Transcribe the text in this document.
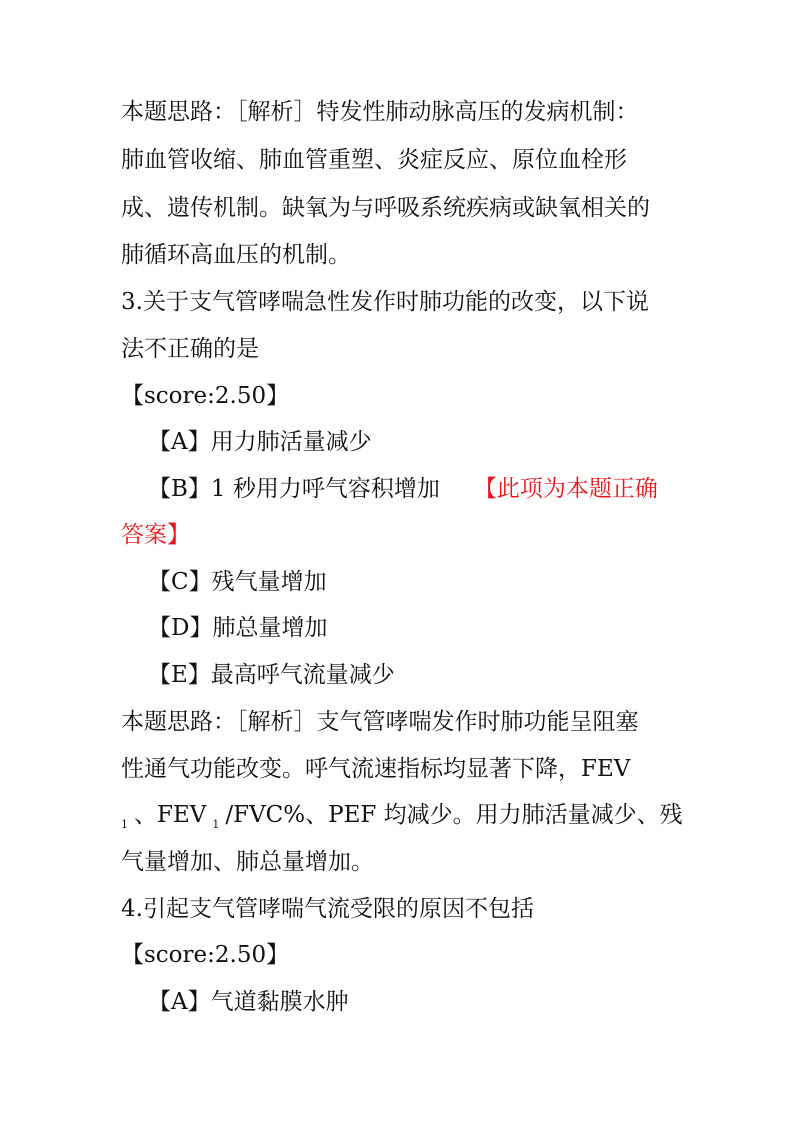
本题思路：［解析］特发性肺动脉高压的发病机制：
肺血管收缩、肺血管重塑、炎症反应、原位血栓形
成、遗传机制。缺氧为与呼吸系统疾病或缺氧相关的
肺循环高血压的机制。
3.关于支气管哮喘急性发作时肺功能的改变，以下说
法不正确的是
【score:2.50】
【A】用力肺活量减少
【B】1 秒用力呼气容积增加 【此项为本题正确
答案】
【C】残气量增加
【D】肺总量增加
【E】最高呼气流量减少
本题思路：［解析］支气管哮喘发作时肺功能呈阻塞
性通气功能改变。呼气流速指标均显著下降，FEV
$_1$ 、FEV $_1$ /FVC%、PEF 均减少。用力肺活量减少、残
气量增加、肺总量增加。
4.引起支气管哮喘气流受限的原因不包括
【score:2.50】
【A】气道黏膜水肿
